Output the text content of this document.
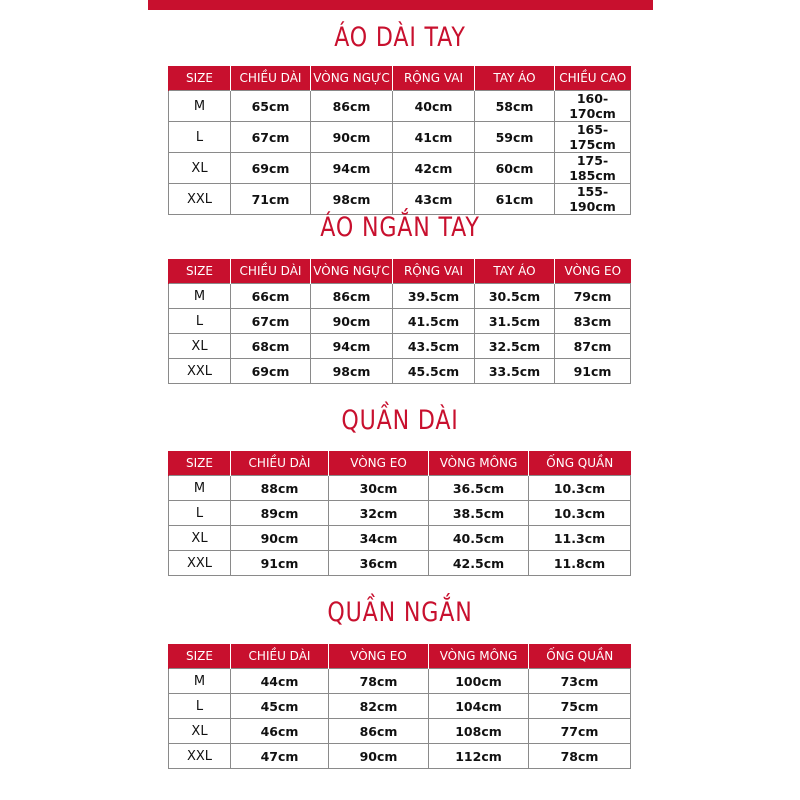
ÁO DÀI TAY
SIZE	CHIỀU DÀI	VÒNG NGỰC	RỘNG VAI	TAY ÁO	CHIỀU CAO
M	65cm	86cm	40cm	58cm	160-170cm
L	67cm	90cm	41cm	59cm	165-175cm
XL	69cm	94cm	42cm	60cm	175-185cm
XXL	71cm	98cm	43cm	61cm	155-190cm
ÁO NGẮN TAY
SIZE	CHIỀU DÀI	VÒNG NGỰC	RỘNG VAI	TAY ÁO	VÒNG EO
M	66cm	86cm	39.5cm	30.5cm	79cm
L	67cm	90cm	41.5cm	31.5cm	83cm
XL	68cm	94cm	43.5cm	32.5cm	87cm
XXL	69cm	98cm	45.5cm	33.5cm	91cm
QUẦN DÀI
SIZE	CHIỀU DÀI	VÒNG EO	VÒNG MÔNG	ỐNG QUẦN
M	88cm	30cm	36.5cm	10.3cm
L	89cm	32cm	38.5cm	10.3cm
XL	90cm	34cm	40.5cm	11.3cm
XXL	91cm	36cm	42.5cm	11.8cm
QUẦN NGẮN
SIZE	CHIỀU DÀI	VÒNG EO	VÒNG MÔNG	ỐNG QUẦN
M	44cm	78cm	100cm	73cm
L	45cm	82cm	104cm	75cm
XL	46cm	86cm	108cm	77cm
XXL	47cm	90cm	112cm	78cm
